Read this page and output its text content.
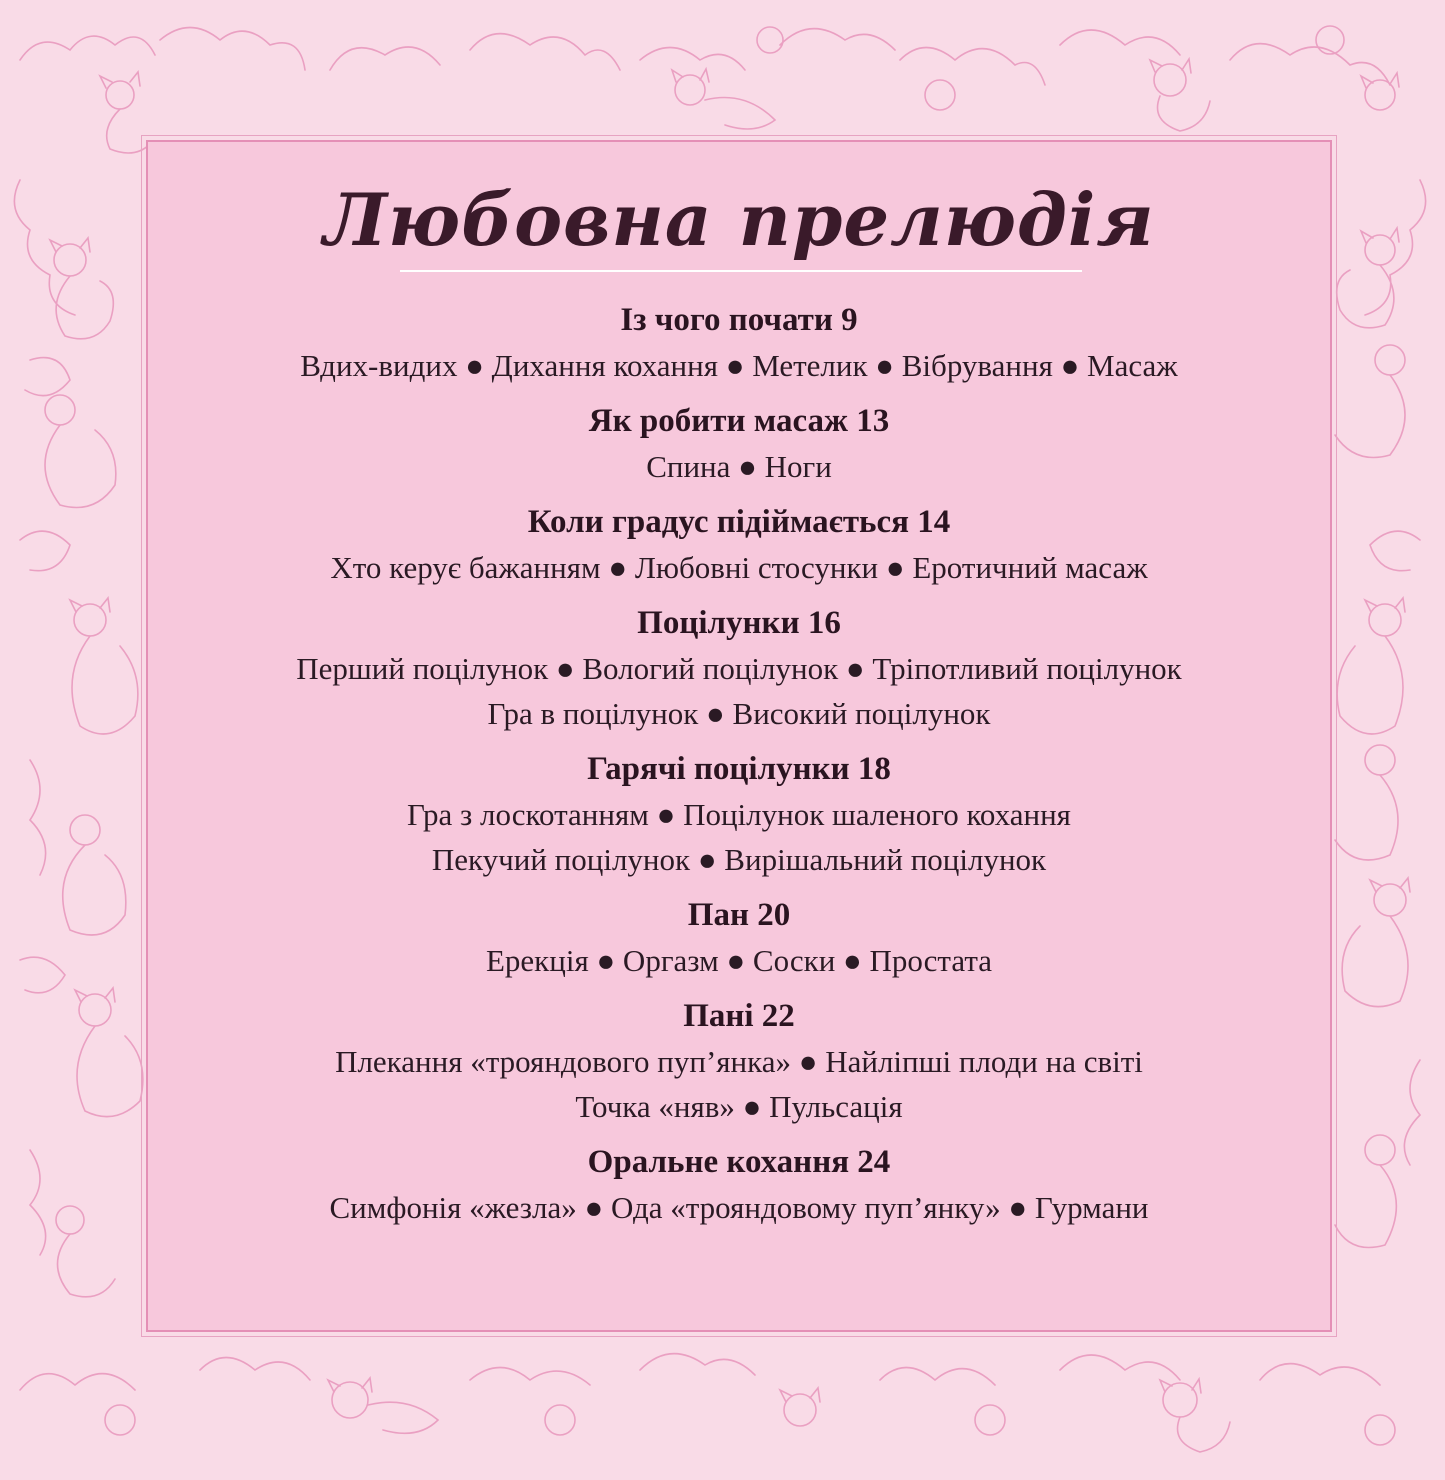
Любовна прелюдія
Із чого почати 9
Вдих-видих ● Дихання кохання ● Метелик ● Вібрування ● Масаж
Як робити масаж 13
Спина ● Ноги
Коли градус підіймається 14
Хто керує бажанням ● Любовні стосунки ● Еротичний масаж
Поцілунки 16
Перший поцілунок ● Вологий поцілунок ● Тріпотливий поцілунок
Гра в поцілунок ● Високий поцілунок
Гарячі поцілунки 18
Гра з лоскотанням ● Поцілунок шаленого кохання
Пекучий поцілунок ● Вирішальний поцілунок
Пан 20
Ерекція ● Оргазм ● Соски ● Простата
Пані 22
Плекання «трояндового пуп’янка» ● Найліпші плоди на світі
Точка «няв» ● Пульсація
Оральне кохання 24
Симфонія «жезла» ● Ода «трояндовому пуп’янку» ● Гурмани
